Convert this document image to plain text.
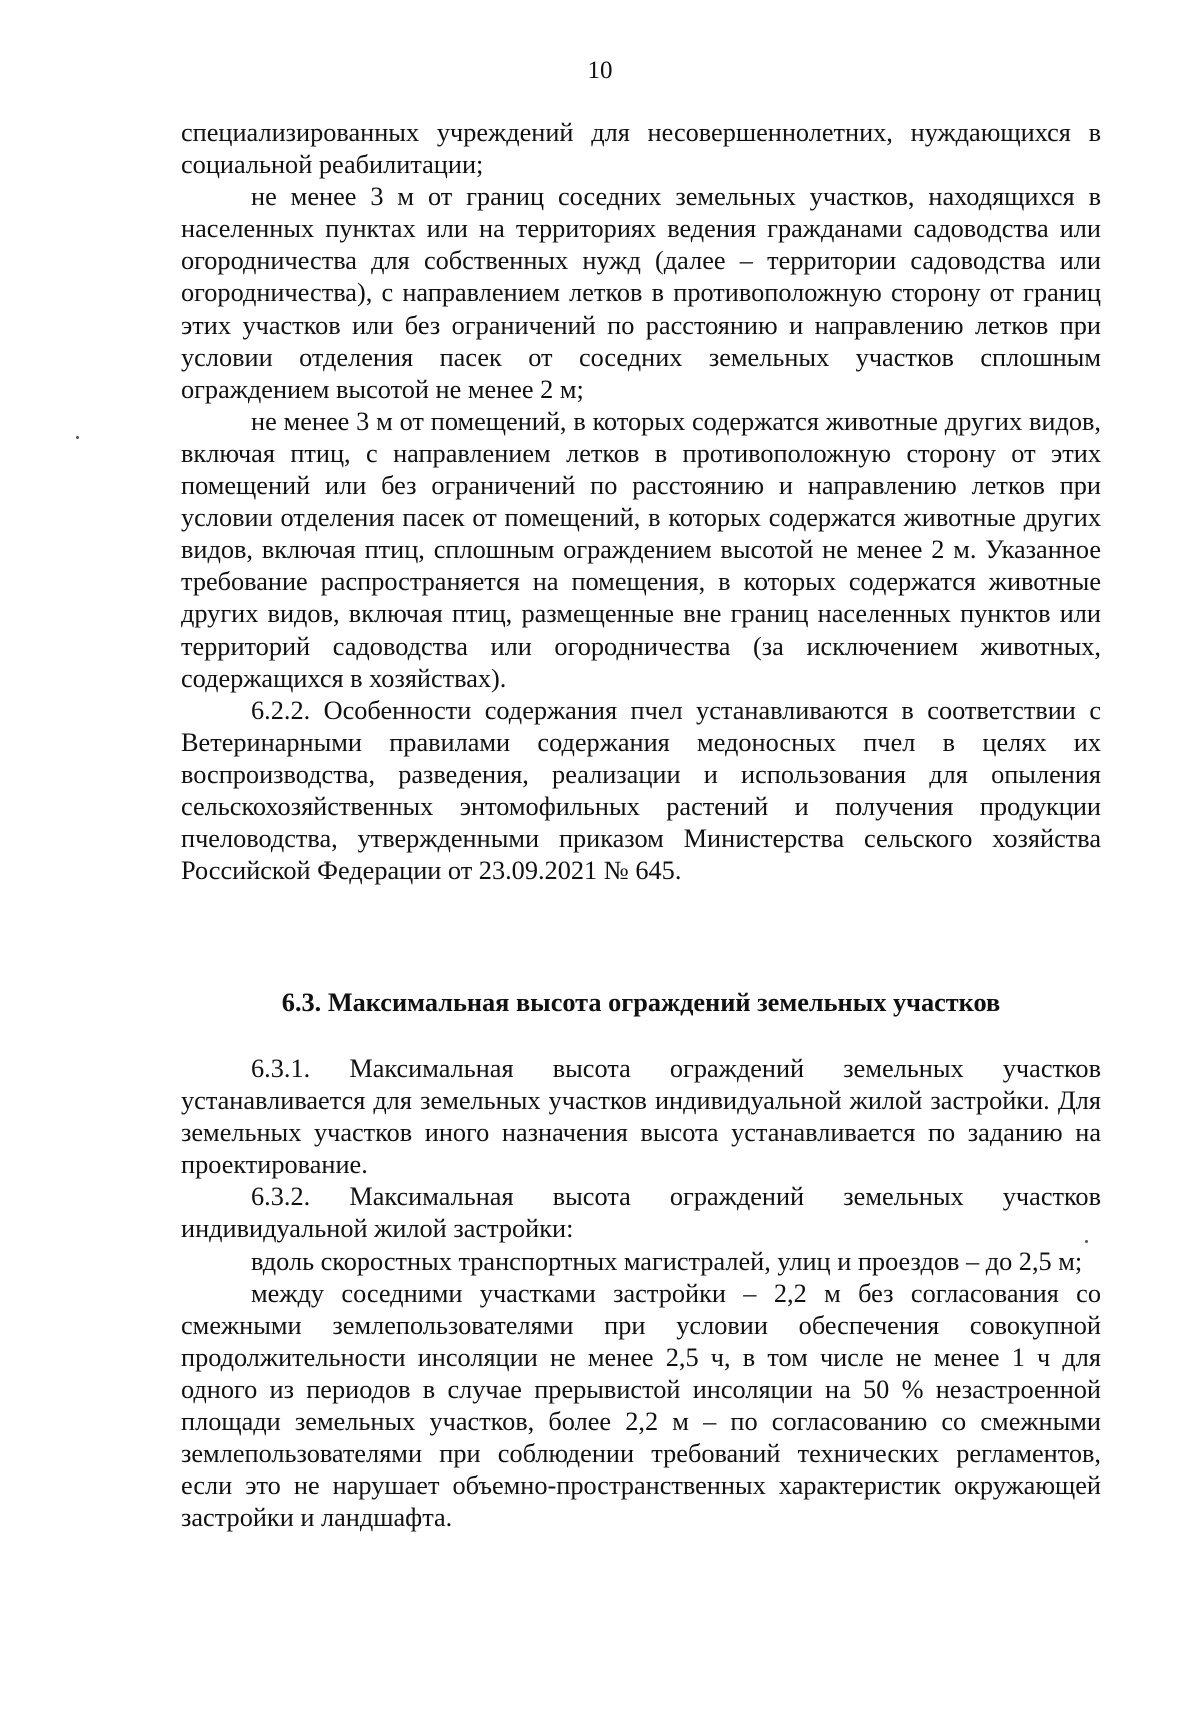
10

специализированных учреждений для несовершеннолетних, нуждающихся в социальной реабилитации;

не менее 3 м от границ соседних земельных участков, находящихся в населенных пунктах или на территориях ведения гражданами садоводства или огородничества для собственных нужд (далее – территории садоводства или огородничества), с направлением летков в противоположную сторону от границ этих участков или без ограничений по расстоянию и направлению летков при условии отделения пасек от соседних земельных участков сплошным ограждением высотой не менее 2 м;

не менее 3 м от помещений, в которых содержатся животные других видов, включая птиц, с направлением летков в противоположную сторону от этих помещений или без ограничений по расстоянию и направлению летков при условии отделения пасек от помещений, в которых содержатся животные других видов, включая птиц, сплошным ограждением высотой не менее 2 м. Указанное требование распространяется на помещения, в которых содержатся животные других видов, включая птиц, размещенные вне границ населенных пунктов или территорий садоводства или огородничества (за исключением животных, содержащихся в хозяйствах).

6.2.2. Особенности содержания пчел устанавливаются в соответствии с Ветеринарными правилами содержания медоносных пчел в целях их воспроизводства, разведения, реализации и использования для опыления сельскохозяйственных энтомофильных растений и получения продукции пчеловодства, утвержденными приказом Министерства сельского хозяйства Российской Федерации от 23.09.2021 № 645.

6.3. Максимальная высота ограждений земельных участков

6.3.1. Максимальная высота ограждений земельных участков устанавливается для земельных участков индивидуальной жилой застройки. Для земельных участков иного назначения высота устанавливается по заданию на проектирование.

6.3.2. Максимальная высота ограждений земельных участков индивидуальной жилой застройки:

вдоль скоростных транспортных магистралей, улиц и проездов – до 2,5 м;

между соседними участками застройки – 2,2 м без согласования со смежными землепользователями при условии обеспечения совокупной продолжительности инсоляции не менее 2,5 ч, в том числе не менее 1 ч для одного из периодов в случае прерывистой инсоляции на 50 % незастроенной площади земельных участков, более 2,2 м – по согласованию со смежными землепользователями при соблюдении требований технических регламентов, если это не нарушает объемно-пространственных характеристик окружающей застройки и ландшафта.
